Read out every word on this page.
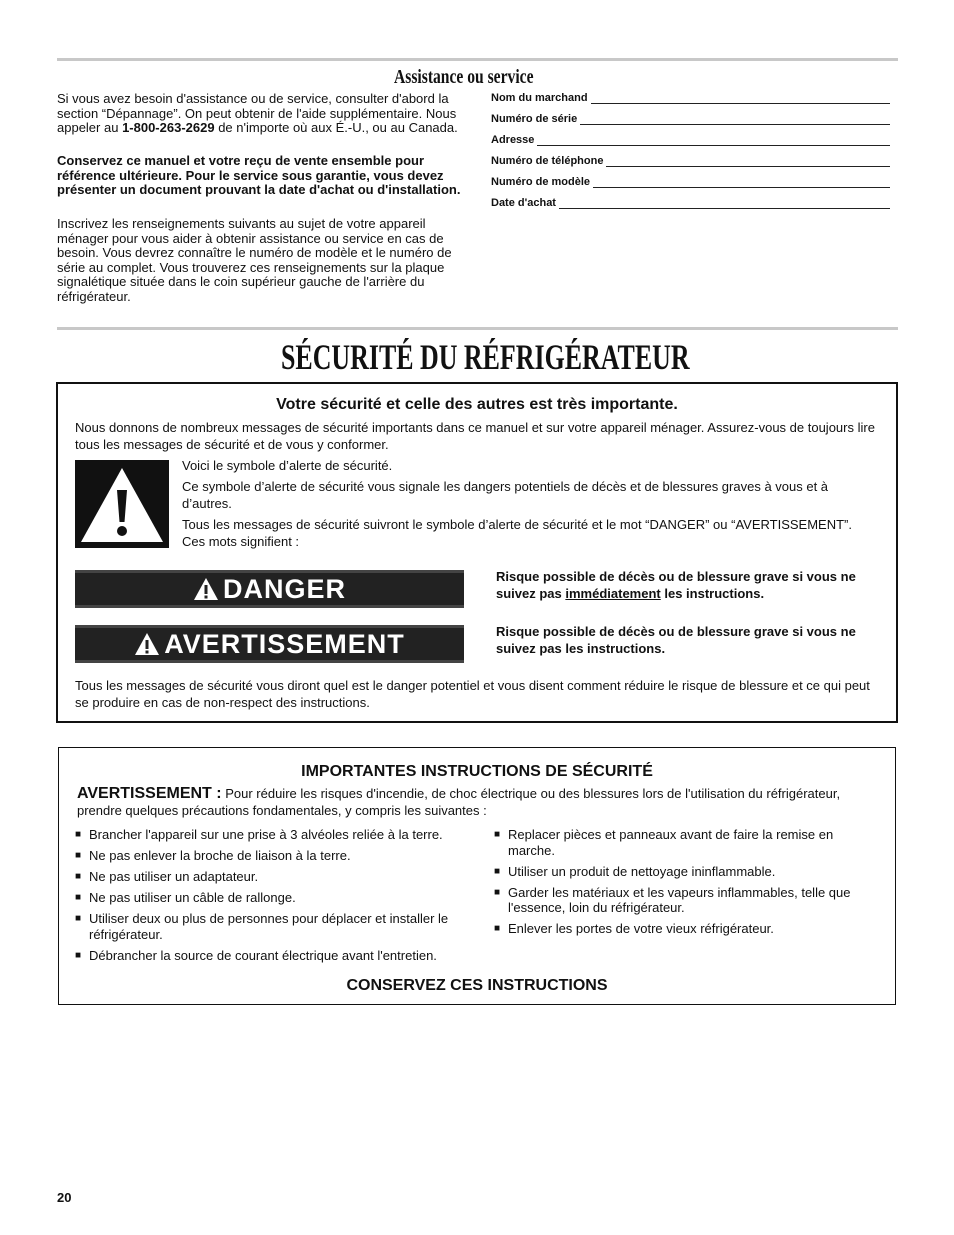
Assistance ou service
Si vous avez besoin d'assistance ou de service, consulter d'abord la section “Dépannage”. On peut obtenir de l'aide supplémentaire. Nous appeler au 1-800-263-2629 de n'importe où aux É.-U., ou au Canada.
Conservez ce manuel et votre reçu de vente ensemble pour référence ultérieure. Pour le service sous garantie, vous devez présenter un document prouvant la date d'achat ou d'installation.
Inscrivez les renseignements suivants au sujet de votre appareil ménager pour vous aider à obtenir assistance ou service en cas de besoin. Vous devrez connaître le numéro de modèle et le numéro de série au complet. Vous trouverez ces renseignements sur la plaque signalétique située dans le coin supérieur gauche de l'arrière du réfrigérateur.
Nom du marchand
Numéro de série
Adresse
Numéro de téléphone
Numéro de modèle
Date d'achat
SÉCURITÉ DU RÉFRIGÉRATEUR
Votre sécurité et celle des autres est très importante.
Nous donnons de nombreux messages de sécurité importants dans ce manuel et sur votre appareil ménager. Assurez-vous de toujours lire tous les messages de sécurité et de vous y conformer.
Voici le symbole d’alerte de sécurité.
Ce symbole d’alerte de sécurité vous signale les dangers potentiels de décès et de blessures graves à vous et à d’autres.
Tous les messages de sécurité suivront le symbole d’alerte de sécurité et le mot “DANGER” ou “AVERTISSEMENT”. Ces mots signifient :
DANGER	Risque possible de décès ou de blessure grave si vous ne suivez pas immédiatement les instructions.
AVERTISSEMENT	Risque possible de décès ou de blessure grave si vous ne suivez pas les instructions.
Tous les messages de sécurité vous diront quel est le danger potentiel et vous disent comment réduire le risque de blessure et ce qui peut se produire en cas de non-respect des instructions.
IMPORTANTES INSTRUCTIONS DE SÉCURITÉ
AVERTISSEMENT : Pour réduire les risques d'incendie, de choc électrique ou des blessures lors de l'utilisation du réfrigérateur, prendre quelques précautions fondamentales, y compris les suivantes :
■ Brancher l'appareil sur une prise à 3 alvéoles reliée à la terre.
■ Ne pas enlever la broche de liaison à la terre.
■ Ne pas utiliser un adaptateur.
■ Ne pas utiliser un câble de rallonge.
■ Utiliser deux ou plus de personnes pour déplacer et installer le réfrigérateur.
■ Débrancher la source de courant électrique avant l'entretien.
■ Replacer pièces et panneaux avant de faire la remise en marche.
■ Utiliser un produit de nettoyage ininflammable.
■ Garder les matériaux et les vapeurs inflammables, telle que l'essence, loin du réfrigérateur.
■ Enlever les portes de votre vieux réfrigérateur.
CONSERVEZ CES INSTRUCTIONS
20
